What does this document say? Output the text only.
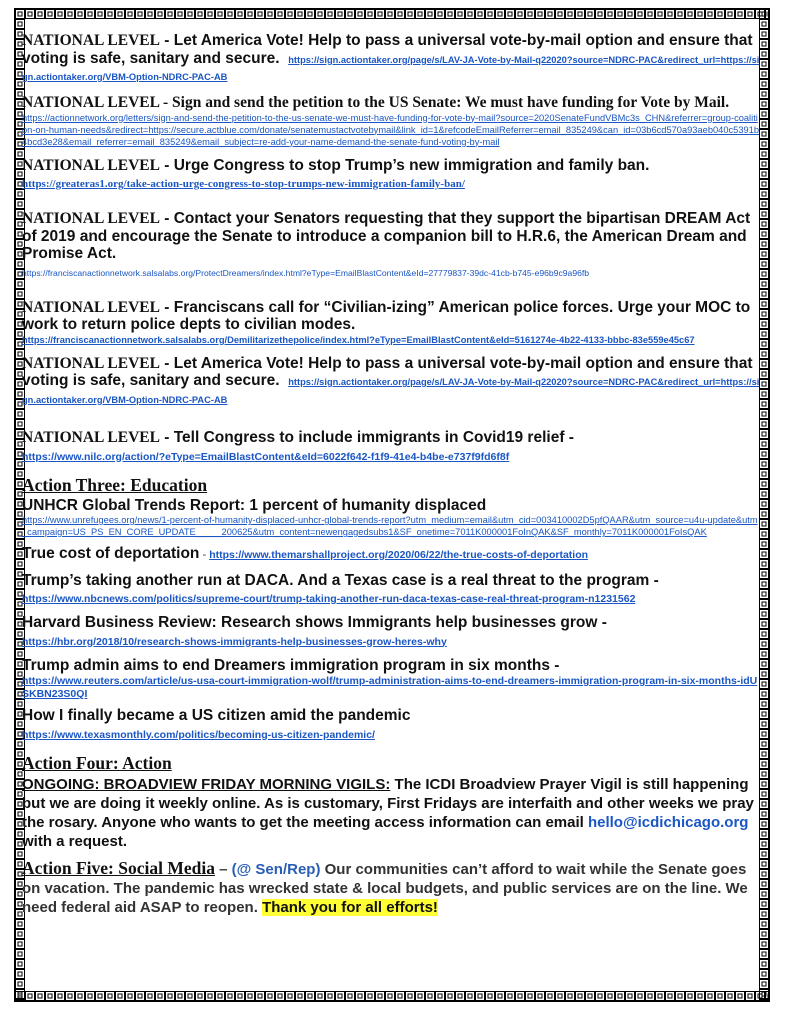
NATIONAL LEVEL - Let America Vote! Help to pass a universal vote-by-mail option and ensure that voting is safe, sanitary and secure. https://sign.actiontaker.org/page/s/LAV-JA-Vote-by-Mail-q22020?source=NDRC-PAC&redirect_url=https://sign.actiontaker.org/VBM-Option-NDRC-PAC-AB
NATIONAL LEVEL - Sign and send the petition to the US Senate: We must have funding for Vote by Mail.
https://actionnetwork.org/letters/sign-and-send-the-petition-to-the-us-senate-we-must-have-funding-for-vote-by-mail?source=2020SenateFundVBMc3s_CHN&referrer=group-coalition-on-human-needs&redirect=https://secure.actblue.com/donate/senatemustactvotebymail&link_id=1&refcodeEmailReferrer=email_835249&can_id=03b6cd570a93aeb040c5391b4bcd3e28&email_referrer=email_835249&email_subject=re-add-your-name-demand-the-senate-fund-voting-by-mail
NATIONAL LEVEL - Urge Congress to stop Trump’s new immigration and family ban.
https://greateras1.org/take-action-urge-congress-to-stop-trumps-new-immigration-family-ban/
NATIONAL LEVEL - Contact your Senators requesting that they support the bipartisan DREAM Act of 2019 and encourage the Senate to introduce a companion bill to H.R.6, the American Dream and Promise Act.
https://franciscanactionnetwork.salsalabs.org/ProtectDreamers/index.html?eType=EmailBlastContent&eId=27779837-39dc-41cb-b745-e96b9c9a96fb
NATIONAL LEVEL - Franciscans call for “Civilian-izing” American police forces. Urge your MOC to work to return police depts to civilian modes.
https://franciscanactionnetwork.salsalabs.org/Demilitarizethepolice/index.html?eType=EmailBlastContent&eId=5161274e-4b22-4133-bbbc-83e559e45c67
NATIONAL LEVEL - Let America Vote! Help to pass a universal vote-by-mail option and ensure that voting is safe, sanitary and secure. https://sign.actiontaker.org/page/s/LAV-JA-Vote-by-Mail-q22020?source=NDRC-PAC&redirect_url=https://sign.actiontaker.org/VBM-Option-NDRC-PAC-AB
NATIONAL LEVEL - Tell Congress to include immigrants in Covid19 relief -
https://www.nilc.org/action/?eType=EmailBlastContent&eId=6022f642-f1f9-41e4-b4be-e737f9fd6f8f
Action Three: Education
UNHCR Global Trends Report: 1 percent of humanity displaced
https://www.unrefugees.org/news/1-percent-of-humanity-displaced-unhcr-global-trends-report?utm_medium=email&utm_cid=003410002D5pfQAAR&utm_source=u4u-update&utm_campaign=US_PS_EN_CORE_UPDATE_____200625&utm_content=newengagedsubs1&SF_onetime=7011K000001FoInQAK&SF_monthly=7011K000001FoIsQAK
True cost of deportation - https://www.themarshallproject.org/2020/06/22/the-true-costs-of-deportation
Trump’s taking another run at DACA. And a Texas case is a real threat to the program -
https://www.nbcnews.com/politics/supreme-court/trump-taking-another-run-daca-texas-case-real-threat-program-n1231562
Harvard Business Review: Research shows Immigrants help businesses grow -
https://hbr.org/2018/10/research-shows-immigrants-help-businesses-grow-heres-why
Trump admin aims to end Dreamers immigration program in six months -
https://www.reuters.com/article/us-usa-court-immigration-wolf/trump-administration-aims-to-end-dreamers-immigration-program-in-six-months-idUSKBN23S0QI
How I finally became a US citizen amid the pandemic
https://www.texasmonthly.com/politics/becoming-us-citizen-pandemic/
Action Four: Action
ONGOING: BROADVIEW FRIDAY MORNING VIGILS: The ICDI Broadview Prayer Vigil is still happening but we are doing it weekly online. As is customary, First Fridays are interfaith and other weeks we pray the rosary. Anyone who wants to get the meeting access information can email hello@icdichicago.org with a request.
Action Five: Social Media – (@ Sen/Rep) Our communities can’t afford to wait while the Senate goes on vacation. The pandemic has wrecked state & local budgets, and public services are on the line. We need federal aid ASAP to reopen. Thank you for all efforts!
